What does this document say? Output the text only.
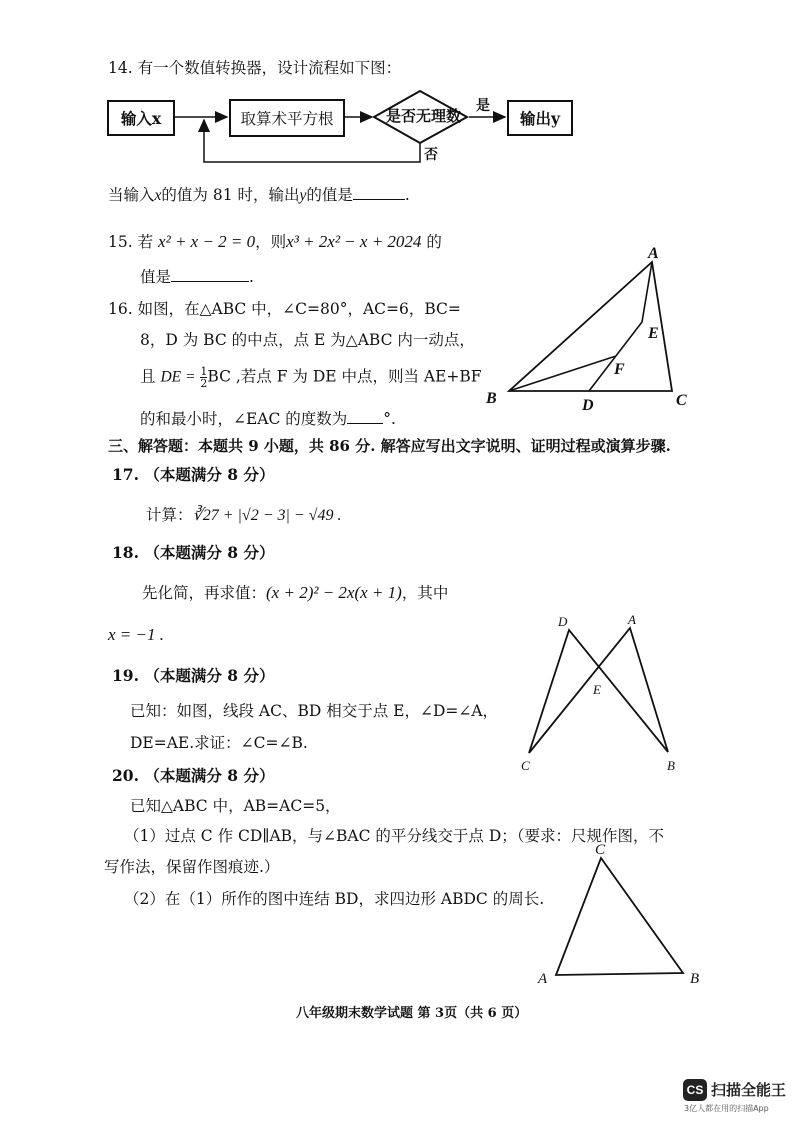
14. 有一个数值转换器，设计流程如下图：
输入x	取算术平方根	是否无理数
是
否
输出y
当输入x的值为 81 时，输出y的值是	.
15. 若 x² + x − 2 = 0，则x³ + 2x² − x + 2024 的
值是	.
16. 如图，在△ABC 中，∠C=80°，AC=6，BC=
8，D 为 BC 的中点，点 E 为△ABC 内一动点，
且 DE = $\frac{1}{2}$ BC ,若点 F 为 DE 中点，则当 AE+BF
的和最小时，∠EAC 的度数为 °.
A
B	C
D
E
F
三、解答题：本题共 9 小题，共 86 分. 解答应写出文字说明、证明过程或演算步骤.
17. （本题满分 8 分）
计算：∛27 + |√2 − 3| − √49 .
18. （本题满分 8 分）
先化简，再求值：(x + 2)² − 2x(x + 1)，其中
x = −1 .
19. （本题满分 8 分）
已知：如图，线段 AC、BD 相交于点 E，∠D=∠A，
DE=AE.求证：∠C=∠B.
D	A
E
C	B
20. （本题满分 8 分）
已知△ABC 中，AB=AC=5，
（1）过点 C 作 CD∥AB，与∠BAC 的平分线交于点 D；（要求：尺规作图，不
写作法，保留作图痕迹.）
（2）在（1）所作的图中连结 BD，求四边形 ABDC 的周长.
C
A	B
八年级期末数学试题 第 3页（共 6 页）
CS 扫描全能王
3亿人都在用的扫描App
